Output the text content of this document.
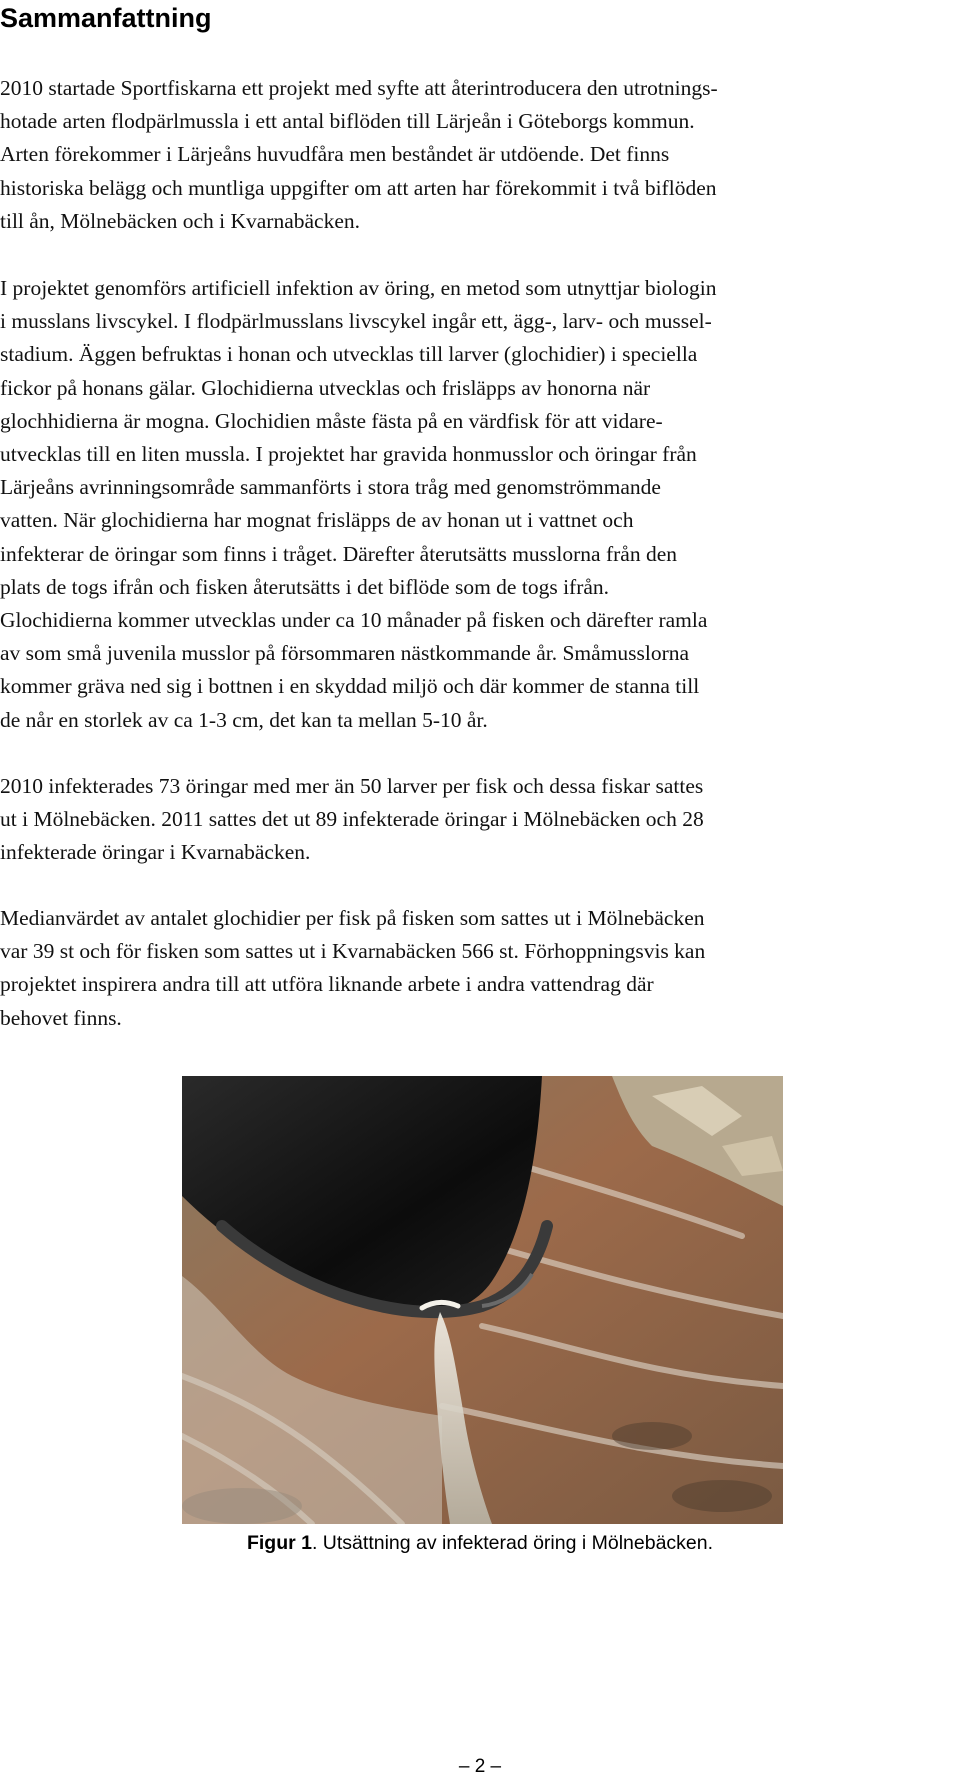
Sammanfattning

2010 startade Sportfiskarna ett projekt med syfte att återintroducera den utrotnings-
hotade arten flodpärlmussla i ett antal biflöden till Lärjeån i Göteborgs kommun.
Arten förekommer i Lärjeåns huvudfåra men beståndet är utdöende. Det finns
historiska belägg och muntliga uppgifter om att arten har förekommit i två biflöden
till ån, Mölnebäcken och i Kvarnabäcken.

I projektet genomförs artificiell infektion av öring, en metod som utnyttjar biologin
i musslans livscykel. I flodpärlmusslans livscykel ingår ett, ägg-, larv- och mussel-
stadium. Äggen befruktas i honan och utvecklas till larver (glochidier) i speciella
fickor på honans gälar. Glochidierna utvecklas och frisläpps av honorna när
glochhidierna är mogna. Glochidien måste fästa på en värdfisk för att vidare-
utvecklas till en liten mussla. I projektet har gravida honmusslor och öringar från
Lärjeåns avrinningsområde sammanförts i stora tråg med genomströmmande
vatten. När glochidierna har mognat frisläpps de av honan ut i vattnet och
infekterar de öringar som finns i tråget. Därefter återutsätts musslorna från den
plats de togs ifrån och fisken återutsätts i det biflöde som de togs ifrån.
Glochidierna kommer utvecklas under ca 10 månader på fisken och därefter ramla
av som små juvenila musslor på försommaren nästkommande år. Småmusslorna
kommer gräva ned sig i bottnen i en skyddad miljö och där kommer de stanna till
de når en storlek av ca 1-3 cm, det kan ta mellan 5-10 år.

2010 infekterades 73 öringar med mer än 50 larver per fisk och dessa fiskar sattes
ut i Mölnebäcken. 2011 sattes det ut 89 infekterade öringar i Mölnebäcken och 28
infekterade öringar i Kvarnabäcken.

Medianvärdet av antalet glochidier per fisk på fisken som sattes ut i Mölnebäcken
var 39 st och för fisken som sattes ut i Kvarnabäcken 566 st. Förhoppningsvis kan
projektet inspirera andra till att utföra liknande arbete i andra vattendrag där
behovet finns.

Figur 1. Utsättning av infekterad öring i Mölnebäcken.
– 2 –
